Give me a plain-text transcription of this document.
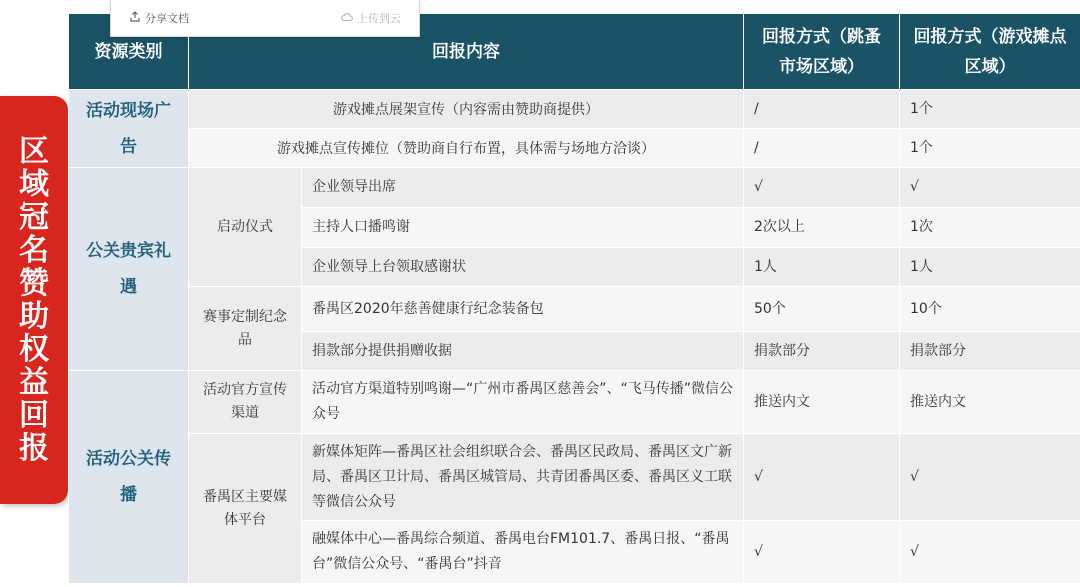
区域冠名赞助 权益回报
分享文档	上传到云
资源类别	回报内容		回报方式（跳蚤市场区域）	回报方式（游戏摊点区域）
活动现场广告	游戏摊点展架宣传（内容需由赞助商提供）		/	1个
	游戏摊点宣传摊位（赞助商自行布置，具体需与场地方洽谈）		/	1个
公关贵宾礼遇	启动仪式	企业领导出席	√	√
		主持人口播鸣谢	2次以上	1次
		企业领导上台领取感谢状	1人	1人
	赛事定制纪念品	番禺区2020年慈善健康行纪念装备包	50个	10个
		捐款部分提供捐赠收据	捐款部分	捐款部分
活动公关传播	活动官方宣传渠道	活动官方渠道特别鸣谢—“广州市番禺区慈善会”、“飞马传播”微信公众号	推送内文	推送内文
	番禺区主要媒体平台	新媒体矩阵—番禺区社会组织联合会、番禺区民政局、番禺区文广新局、番禺区卫计局、番禺区城管局、共青团番禺区委、番禺区义工联等微信公众号	√	√
		融媒体中心—番禺综合频道、番禺电台FM101.7、番禺日报、“番禺台”微信公众号、“番禺台”抖音	√	√
